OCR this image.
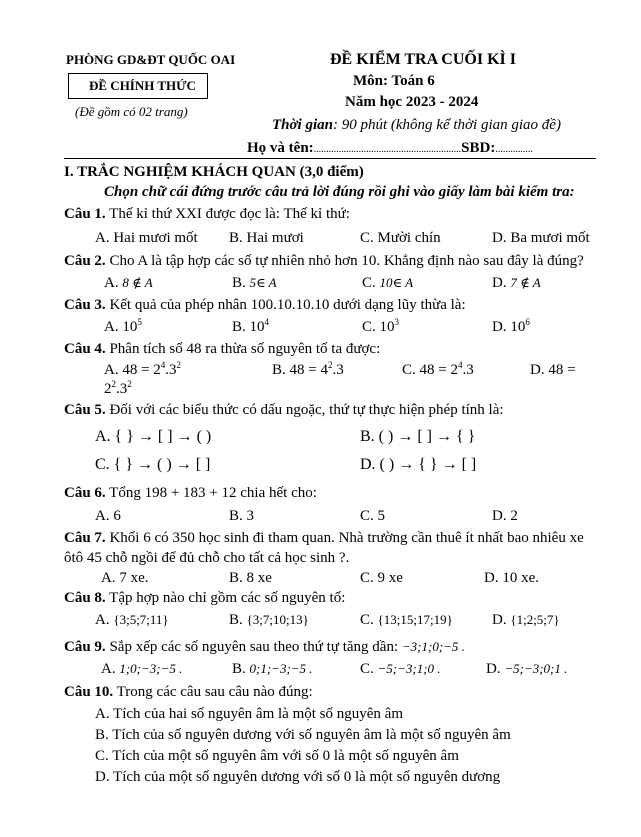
PHÒNG GD&ĐT QUỐC OAI
ĐỀ CHÍNH THỨC
(Đề gồm có 02 trang)
ĐỀ KIỂM TRA CUỐI KÌ I
Môn: Toán 6
Năm học 2023 - 2024
Thời gian: 90 phút (không kể thời gian giao đề)
Họ và tên:...........................................................SBD:...............
I. TRẮC NGHIỆM KHÁCH QUAN (3,0 điểm)
Chọn chữ cái đứng trước câu trả lời đúng rồi ghi vào giấy làm bài kiểm tra:
Câu 1. Thế kỉ thứ XXI được đọc là: Thế kỉ thứ:
A. Hai mươi mốt B. Hai mươi	C. Mười chín	D. Ba mươi mốt
Câu 2. Cho A là tập hợp các số tự nhiên nhỏ hơn 10. Khẳng định nào sau đây là đúng?
A. 8 ∉ A	B. 5∈ A	C. 10∈ A	D. 7 ∉ A
Câu 3. Kết quả của phép nhân 100.10.10.10 dưới dạng lũy thừa là:
A. $10^5$	B. $10^4$	C. $10^3$	D. $10^6$
Câu 4. Phân tích số 48 ra thừa số nguyên tố ta được:
A. $48 = 2^4.3^2$	B. $48 = 4^2.3$	C. $48 = 2^4.3$	D. 48 =
$2^2.3^2$
Câu 5. Đối với các biểu thức có dấu ngoặc, thứ tự thực hiện phép tính là:
A. { } → [ ] → ( )	B. ( ) → [ ] → { }
C. { } → ( ) → [ ]	D. ( ) → { } → [ ]
Câu 6. Tổng 198 + 183 + 12 chia hết cho:
A. 6	B. 3	C. 5	D. 2
Câu 7. Khối 6 có 350 học sinh đi tham quan. Nhà trường cần thuê ít nhất bao nhiêu xe
ôtô 45 chỗ ngồi để đủ chỗ cho tất cả học sinh ?.
A. 7 xe.	B. 8 xe	C. 9 xe	D. 10 xe.
Câu 8. Tập hợp nào chỉ gồm các số nguyên tố:
A. {3;5;7;11}	B. {3;7;10;13}	C. {13;15;17;19}	D. {1;2;5;7}
Câu 9. Sắp xếp các số nguyên sau theo thứ tự tăng dần: −3;1;0;−5 .
A. 1;0;−3;−5 .	B. 0;1;−3;−5 .	C. −5;−3;1;0 .	D. −5;−3;0;1 .
Câu 10. Trong các câu sau câu nào đúng:
A. Tích của hai số nguyên âm là một số nguyên âm
B. Tích của số nguyên dương với số nguyên âm là một số nguyên âm
C. Tích của một số nguyên âm với số 0 là một số nguyên âm
D. Tích của một số nguyên dương với số 0 là một số nguyên dương
